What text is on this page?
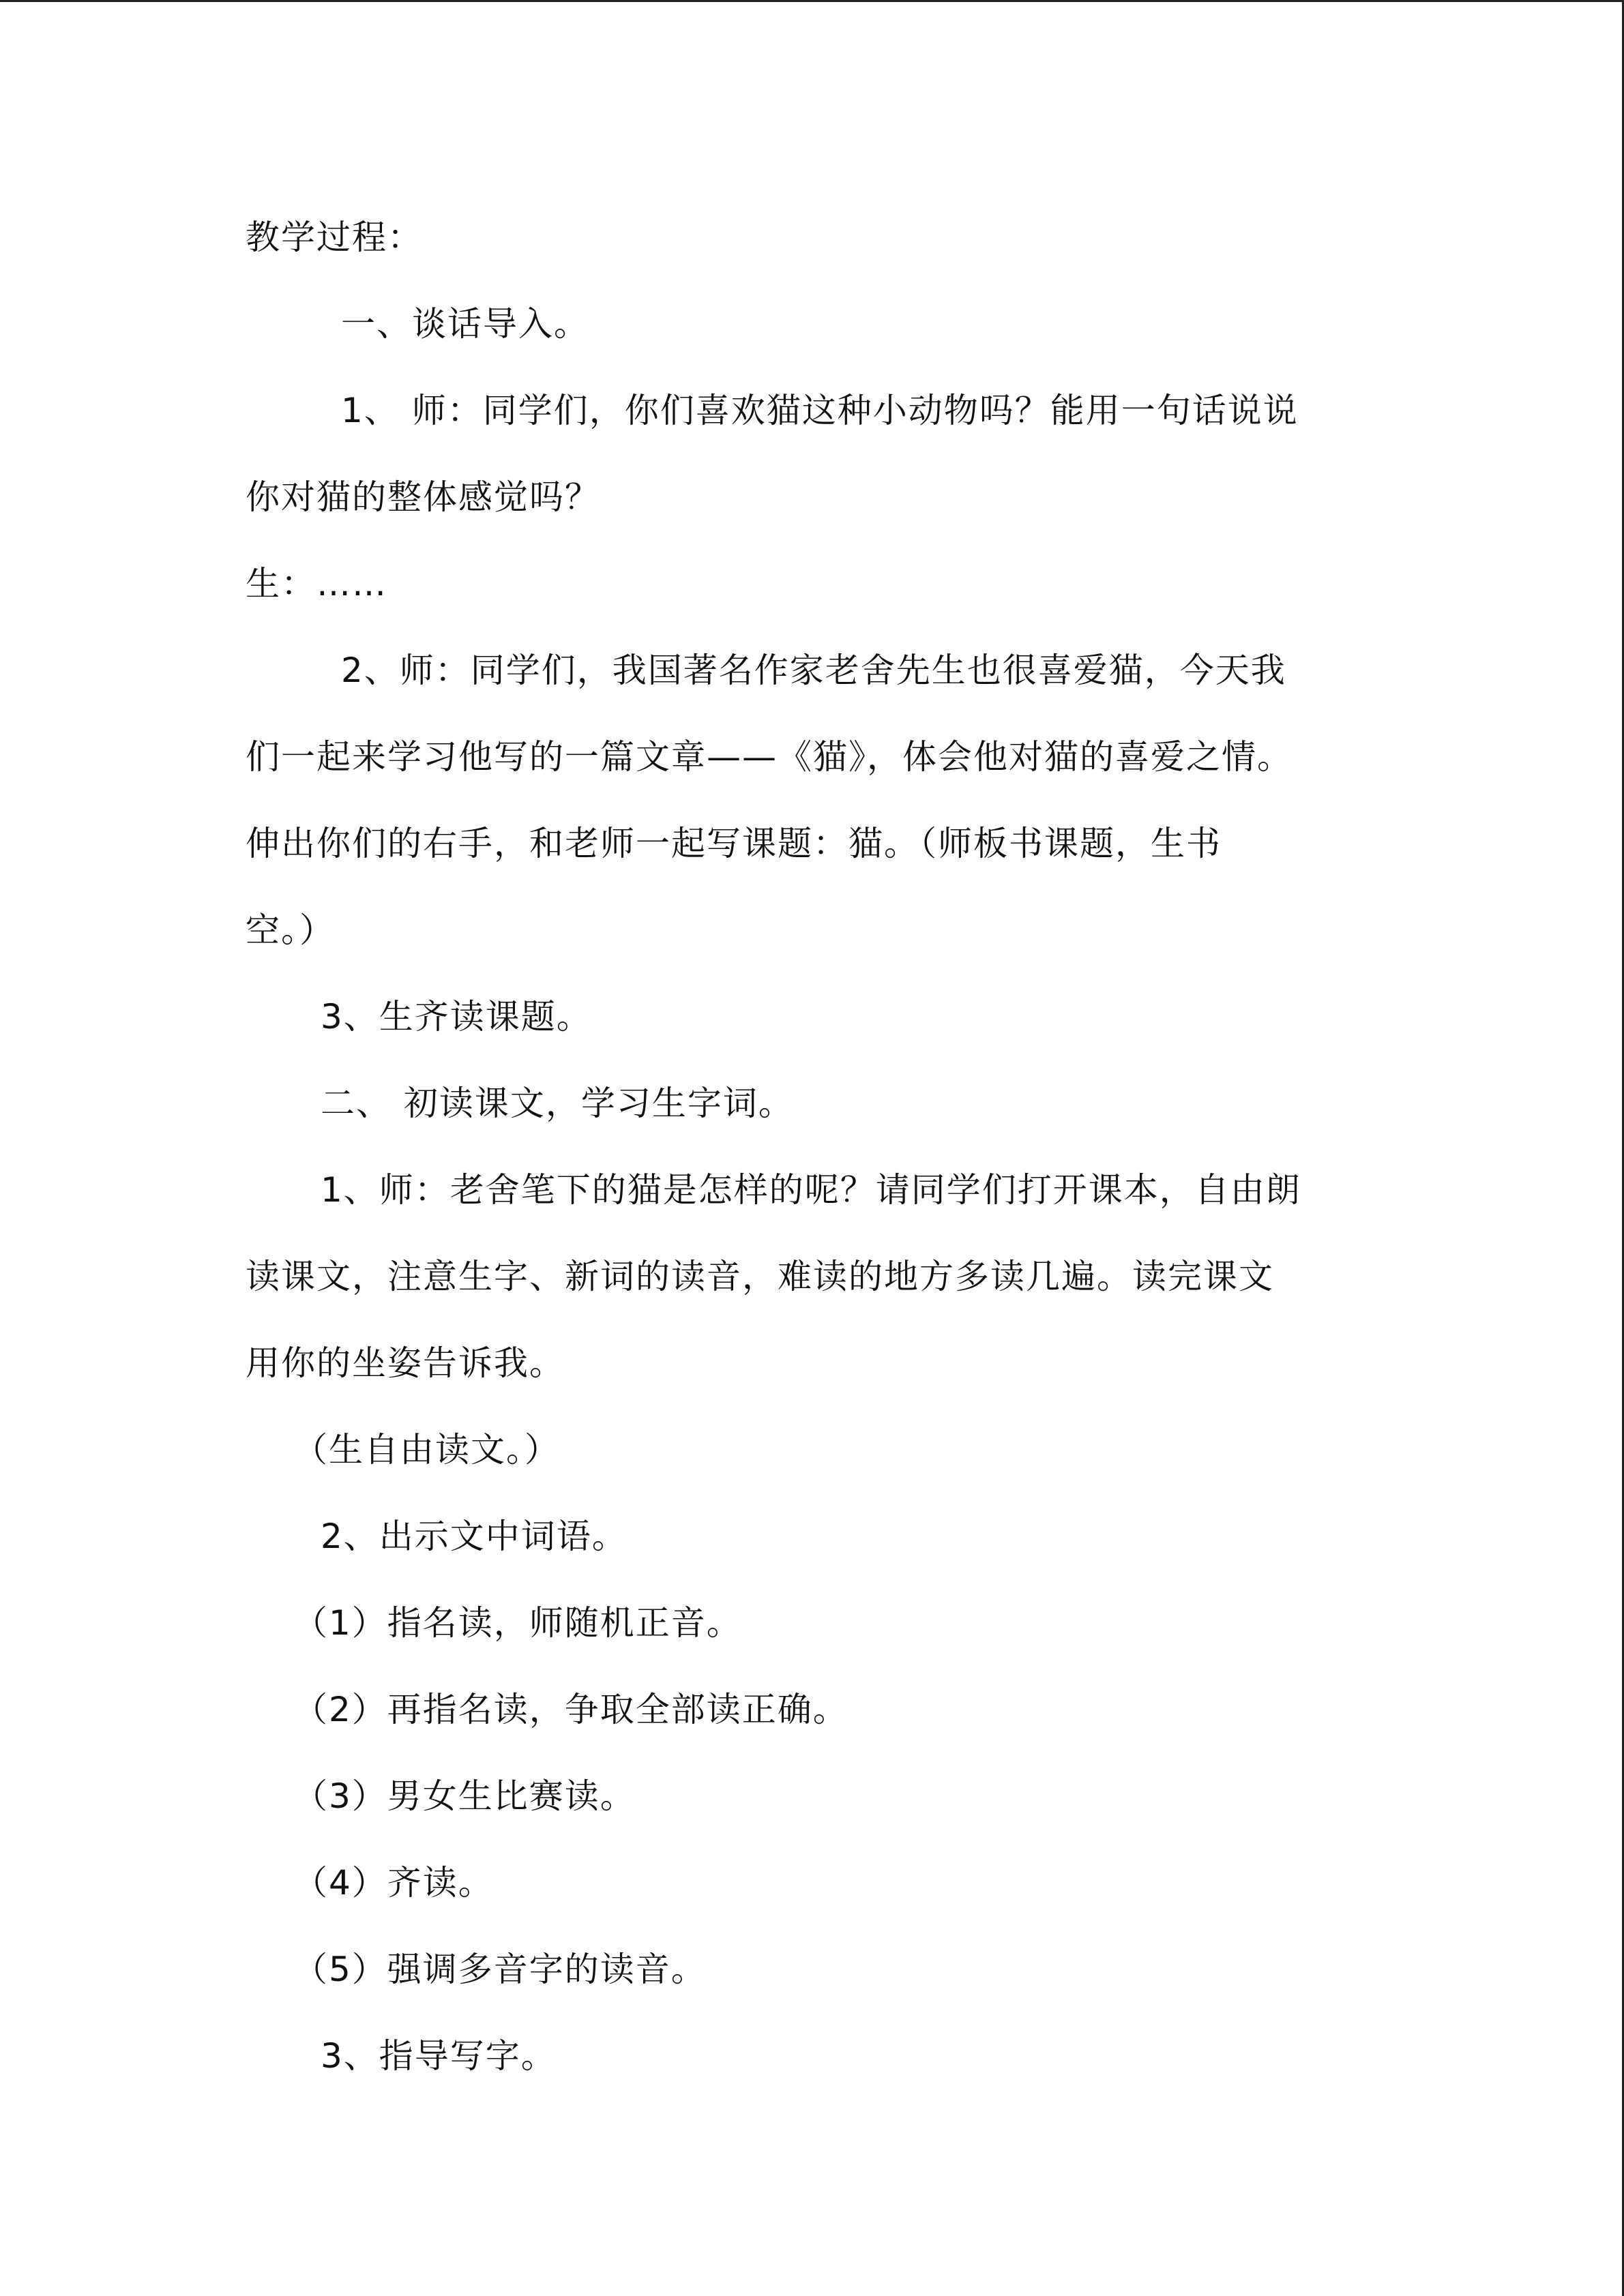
教学过程：
一、谈话导入。
1、 师：同学们，你们喜欢猫这种小动物吗？能用一句话说说
你对猫的整体感觉吗？
生：……
2、师：同学们，我国著名作家老舍先生也很喜爱猫，今天我
们一起来学习他写的一篇文章——《猫》，体会他对猫的喜爱之情。
伸出你们的右手，和老师一起写课题：猫。（师板书课题，生书
空。）
3、生齐读课题。
二、 初读课文，学习生字词。
1、师：老舍笔下的猫是怎样的呢？请同学们打开课本，自由朗
读课文，注意生字、新词的读音，难读的地方多读几遍。读完课文
用你的坐姿告诉我。
（生自由读文。）
2、出示文中词语。
（1）指名读，师随机正音。
（2）再指名读，争取全部读正确。
（3）男女生比赛读。
（4）齐读。
（5）强调多音字的读音。
3、指导写字。
